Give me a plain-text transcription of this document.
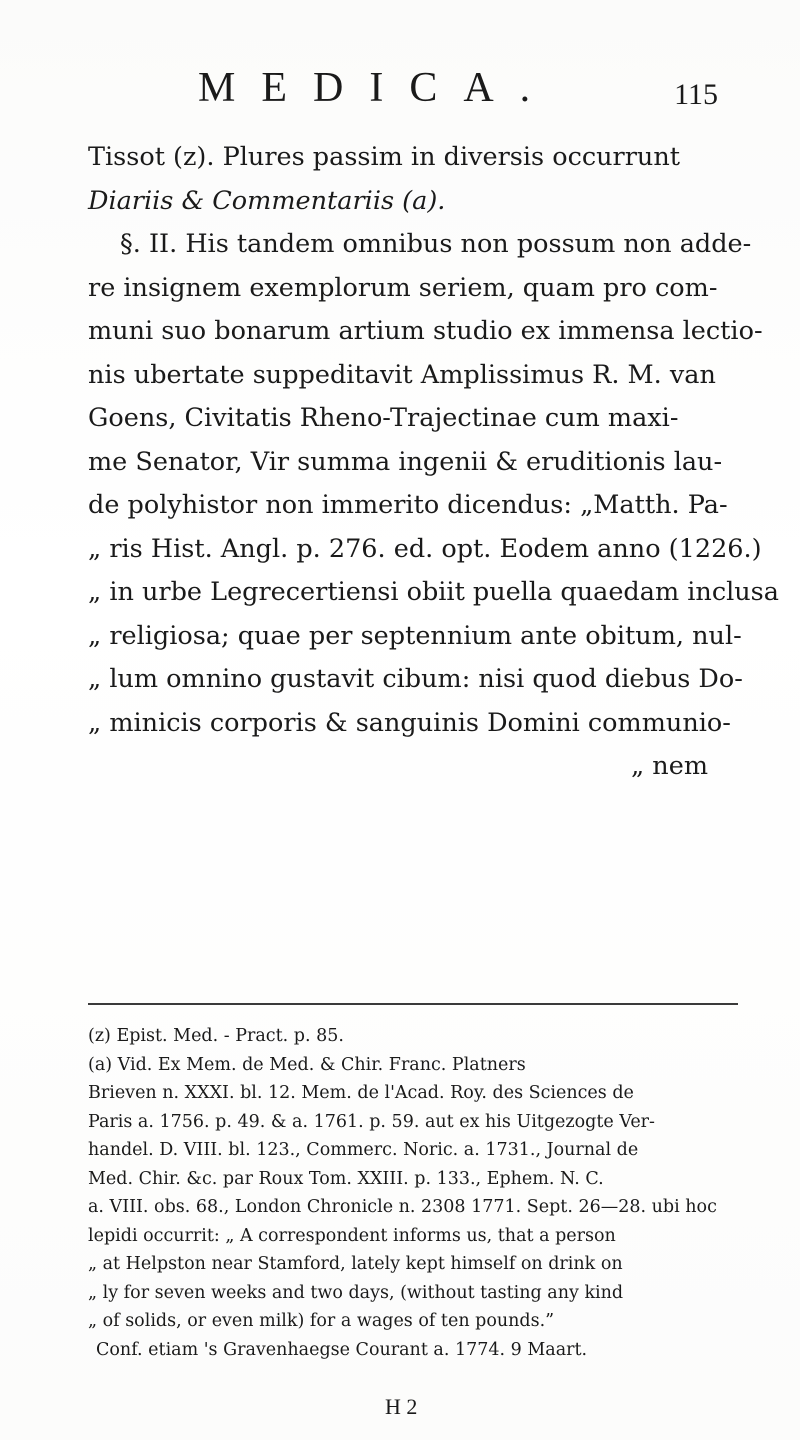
MEDICA.	115
Tissot (z). Plures passim in diversis occurrunt
Diariis & Commentariis (a).
§. II. His tandem omnibus non possum non adde-
re insignem exemplorum seriem, quam pro com-
muni suo bonarum artium studio ex immensa lectio-
nis ubertate suppeditavit Amplissimus R. M. van
Goens, Civitatis Rheno-Trajectinae cum maxi-
me Senator, Vir summa ingenii & eruditionis lau-
de polyhistor non immerito dicendus: „Matth. Pa-
„ ris Hist. Angl. p. 276. ed. opt. Eodem anno (1226.)
„ in urbe Legrecertiensi obiit puella quaedam inclusa
„ religiosa; quae per septennium ante obitum, nul-
„ lum omnino gustavit cibum: nisi quod diebus Do-
„ minicis corporis & sanguinis Domini communio-
„ nem
(z) Epist. Med. - Pract. p. 85.
(a) Vid. Ex Mem. de Med. & Chir. Franc. Platners
Brieven n. XXXI. bl. 12. Mem. de l'Acad. Roy. des Sciences de
Paris a. 1756. p. 49. & a. 1761. p. 59. aut ex his Uitgezogte Ver-
handel. D. VIII. bl. 123., Commerc. Noric. a. 1731., Journal de
Med. Chir. &c. par Roux Tom. XXIII. p. 133., Ephem. N. C.
a. VIII. obs. 68., London Chronicle n. 2308 1771. Sept. 26—28. ubi hoc
lepidi occurrit: „ A correspondent informs us, that a person
„ at Helpston near Stamford, lately kept himself on drink on
„ ly for seven weeks and two days, (without tasting any kind
„ of solids, or even milk) for a wages of ten pounds.”
Conf. etiam 's Gravenhaegse Courant a. 1774. 9 Maart.
H 2
